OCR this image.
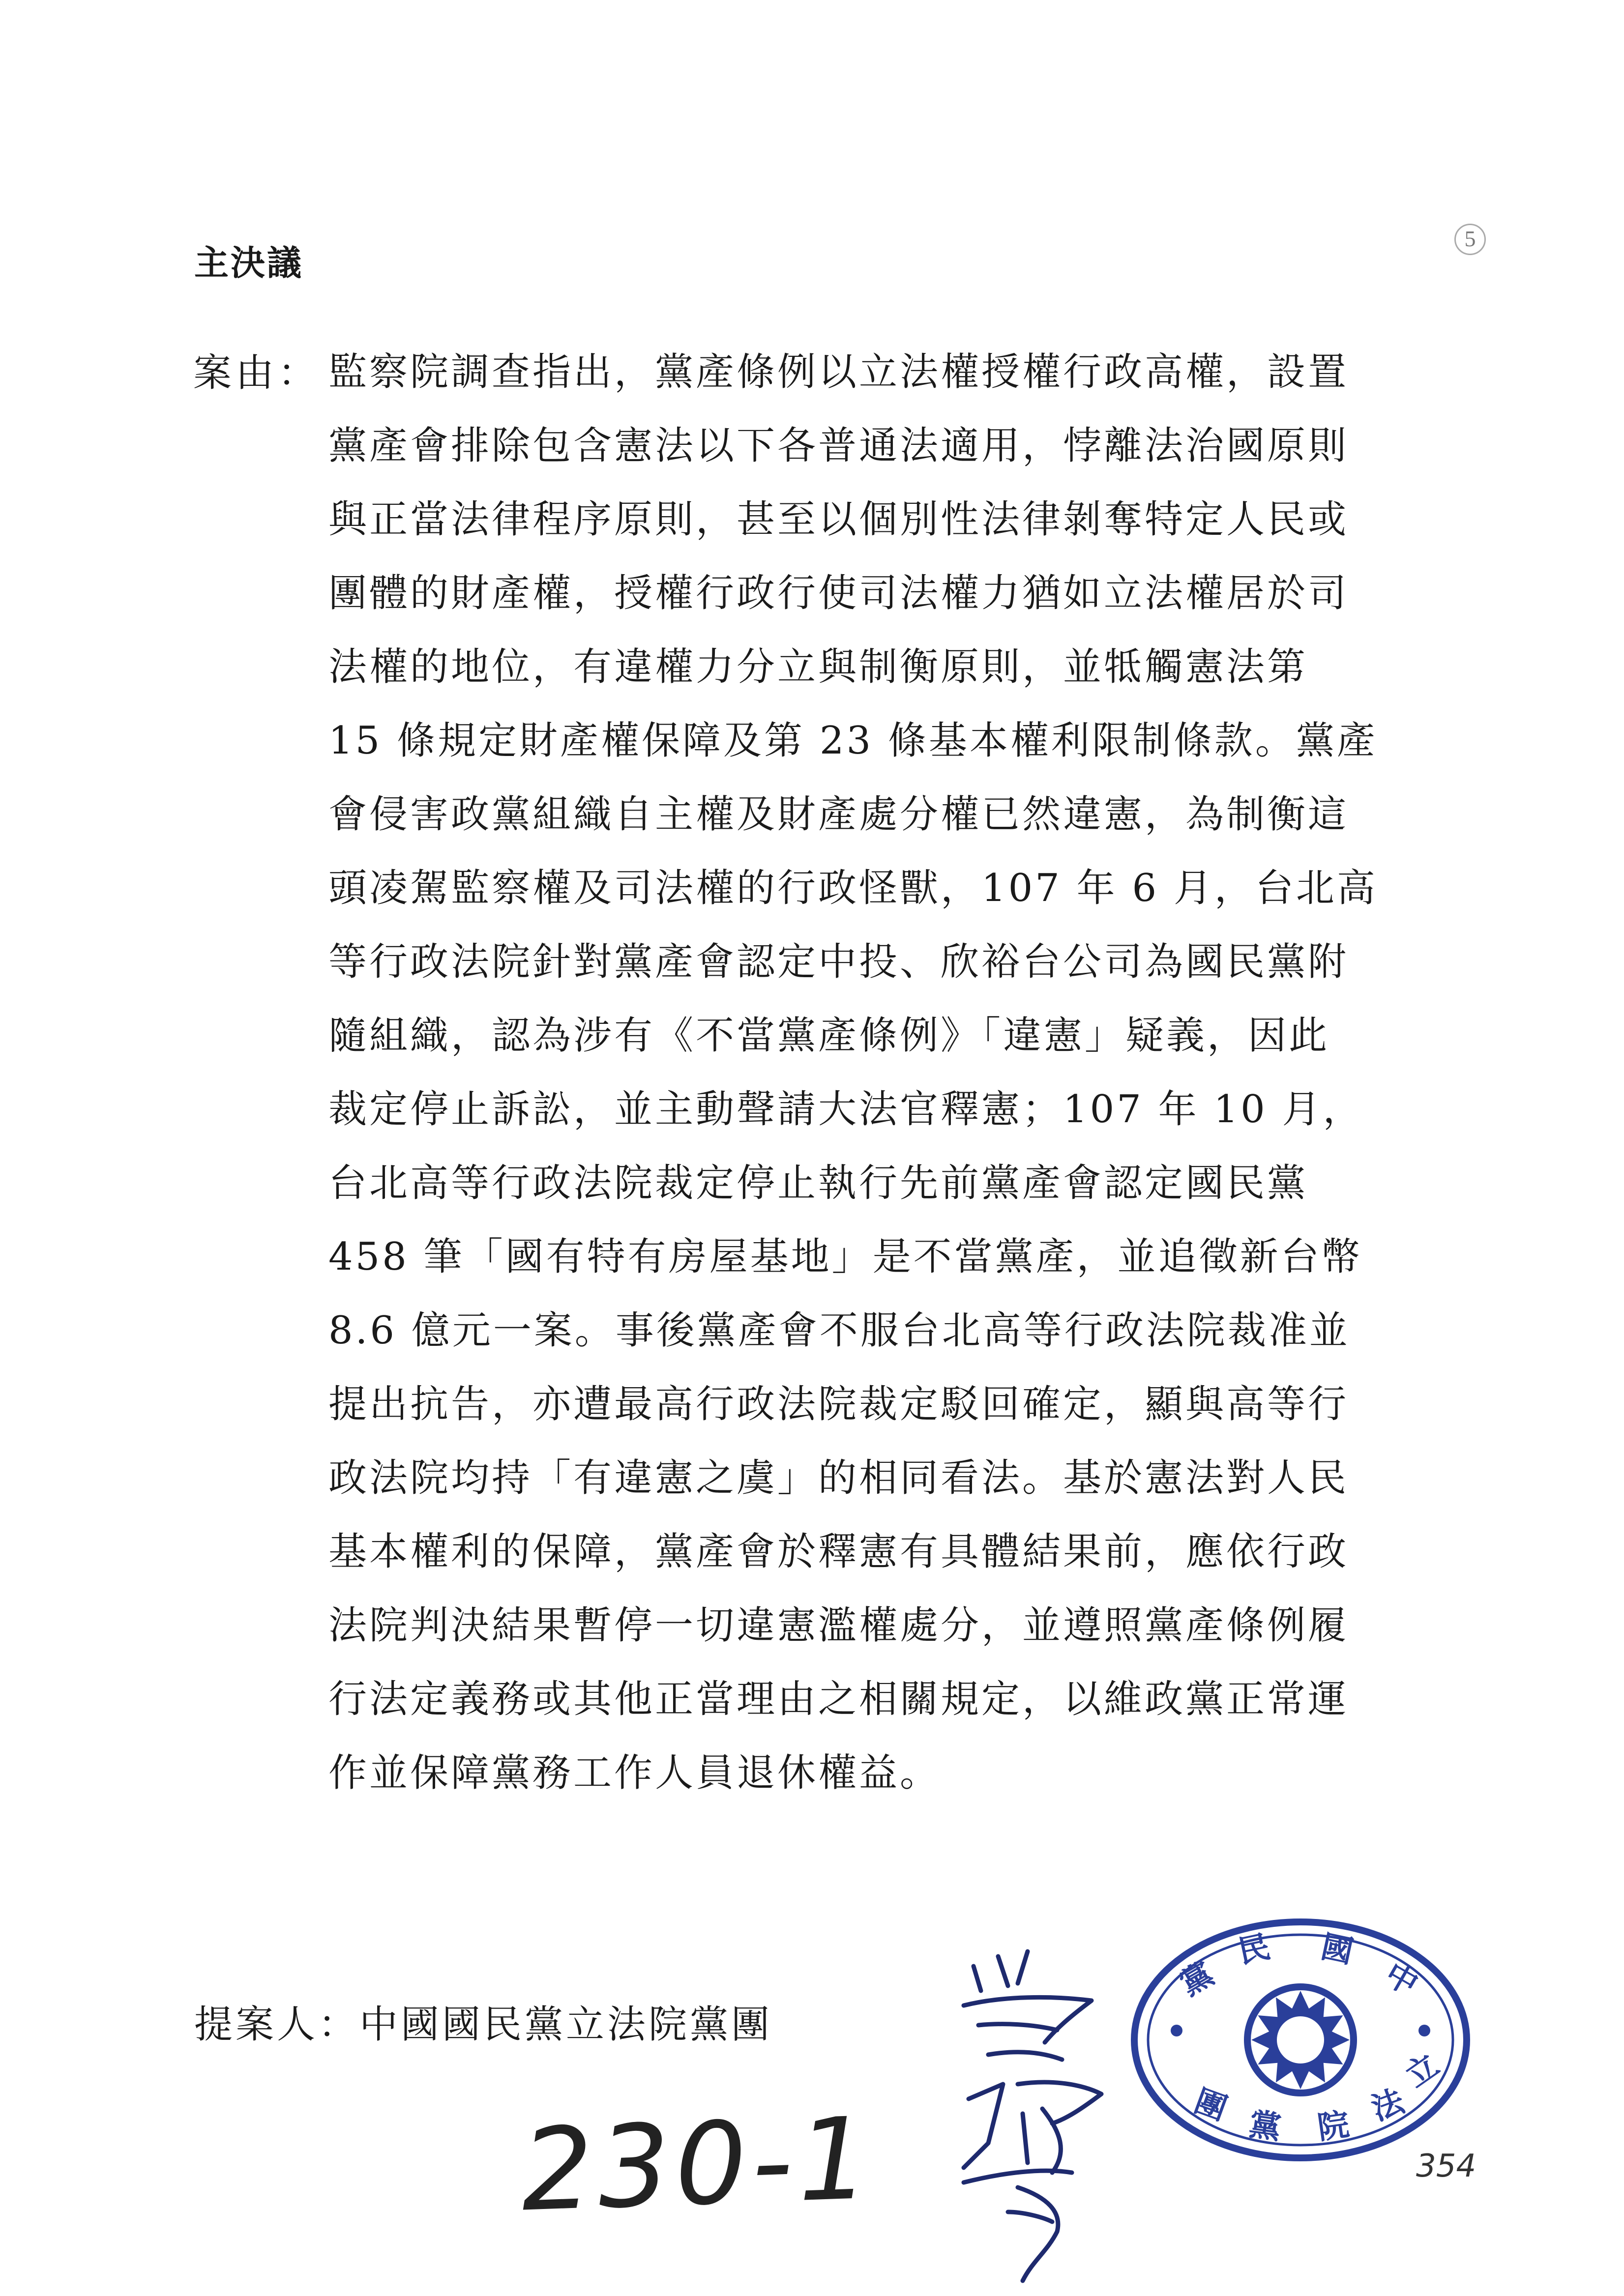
主決議
5
案由： 監察院調查指出，黨產條例以立法權授權行政高權，設置
黨產會排除包含憲法以下各普通法適用，悖離法治國原則
與正當法律程序原則，甚至以個別性法律剝奪特定人民或
團體的財產權，授權行政行使司法權力猶如立法權居於司
法權的地位，有違權力分立與制衡原則，並牴觸憲法第
15 條規定財產權保障及第 23 條基本權利限制條款。黨產
會侵害政黨組織自主權及財產處分權已然違憲，為制衡這
頭凌駕監察權及司法權的行政怪獸，107 年 6 月，台北高
等行政法院針對黨產會認定中投、欣裕台公司為國民黨附
隨組織，認為涉有《不當黨產條例》「違憲」疑義，因此
裁定停止訴訟，並主動聲請大法官釋憲；107 年 10 月，
台北高等行政法院裁定停止執行先前黨產會認定國民黨
458 筆「國有特有房屋基地」是不當黨產，並追徵新台幣
8.6 億元一案。事後黨產會不服台北高等行政法院裁准並
提出抗告，亦遭最高行政法院裁定駁回確定，顯與高等行
政法院均持「有違憲之虞」的相同看法。基於憲法對人民
基本權利的保障，黨產會於釋憲有具體結果前，應依行政
法院判決結果暫停一切違憲濫權處分，並遵照黨產條例履
行法定義務或其他正當理由之相關規定，以維政黨正常運
作並保障黨務工作人員退休權益。
提案人：中國國民黨立法院黨團
黨
民 國
中
團 黨 院 法
立
230-1	354
